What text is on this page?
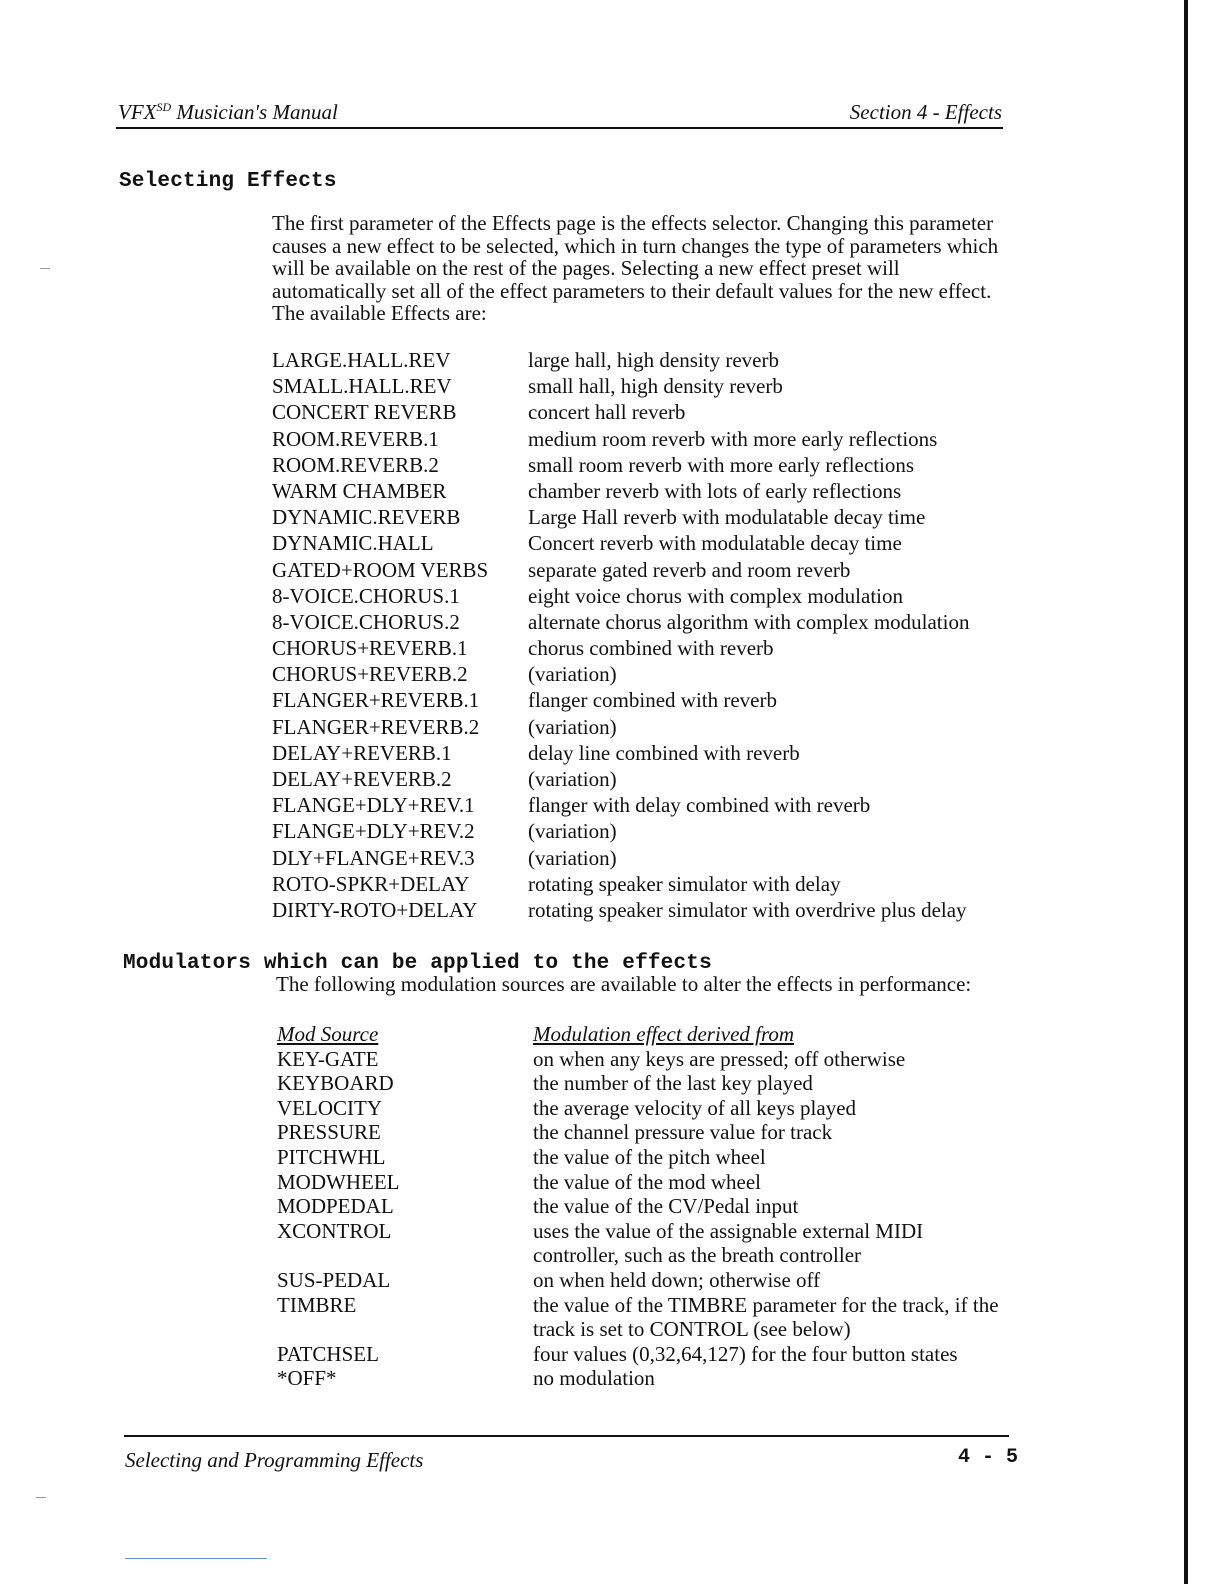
$VFX^{SD}$ Musician's Manual	Section 4 - Effects
Selecting Effects
The first parameter of the Effects page is the effects selector. Changing this parameter causes a new effect to be selected, which in turn changes the type of parameters which will be available on the rest of the pages. Selecting a new effect preset will automatically set all of the effect parameters to their default values for the new effect. The available Effects are:
LARGE.HALL.REV	large hall, high density reverb
SMALL.HALL.REV	small hall, high density reverb
CONCERT REVERB	concert hall reverb
ROOM.REVERB.1	medium room reverb with more early reflections
ROOM.REVERB.2	small room reverb with more early reflections
WARM CHAMBER	chamber reverb with lots of early reflections
DYNAMIC.REVERB	Large Hall reverb with modulatable decay time
DYNAMIC.HALL	Concert reverb with modulatable decay time
GATED+ROOM VERBS separate gated reverb and room reverb
8-VOICE.CHORUS.1	eight voice chorus with complex modulation
8-VOICE.CHORUS.2	alternate chorus algorithm with complex modulation
CHORUS+REVERB.1	chorus combined with reverb
CHORUS+REVERB.2	(variation)
FLANGER+REVERB.1 flanger combined with reverb
FLANGER+REVERB.2 (variation)
DELAY+REVERB.1	delay line combined with reverb
DELAY+REVERB.2	(variation)
FLANGE+DLY+REV.1	flanger with delay combined with reverb
FLANGE+DLY+REV.2	(variation)
DLY+FLANGE+REV.3	(variation)
ROTO-SPKR+DELAY	rotating speaker simulator with delay
DIRTY-ROTO+DELAY rotating speaker simulator with overdrive plus delay
Modulators which can be applied to the effects
The following modulation sources are available to alter the effects in performance:
Mod Source	Modulation effect derived from
KEY-GATE	on when any keys are pressed; off otherwise
KEYBOARD	the number of the last key played
VELOCITY	the average velocity of all keys played
PRESSURE	the channel pressure value for track
PITCHWHL	the value of the pitch wheel
MODWHEEL	the value of the mod wheel
MODPEDAL	the value of the CV/Pedal input
XCONTROL	uses the value of the assignable external MIDI controller, such as the breath controller
SUS-PEDAL	on when held down; otherwise off
TIMBRE	the value of the TIMBRE parameter for the track, if the track is set to CONTROL (see below)
PATCHSEL	four values (0,32,64,127) for the four button states
*OFF*	no modulation
Selecting and Programming Effects	4 - 5
